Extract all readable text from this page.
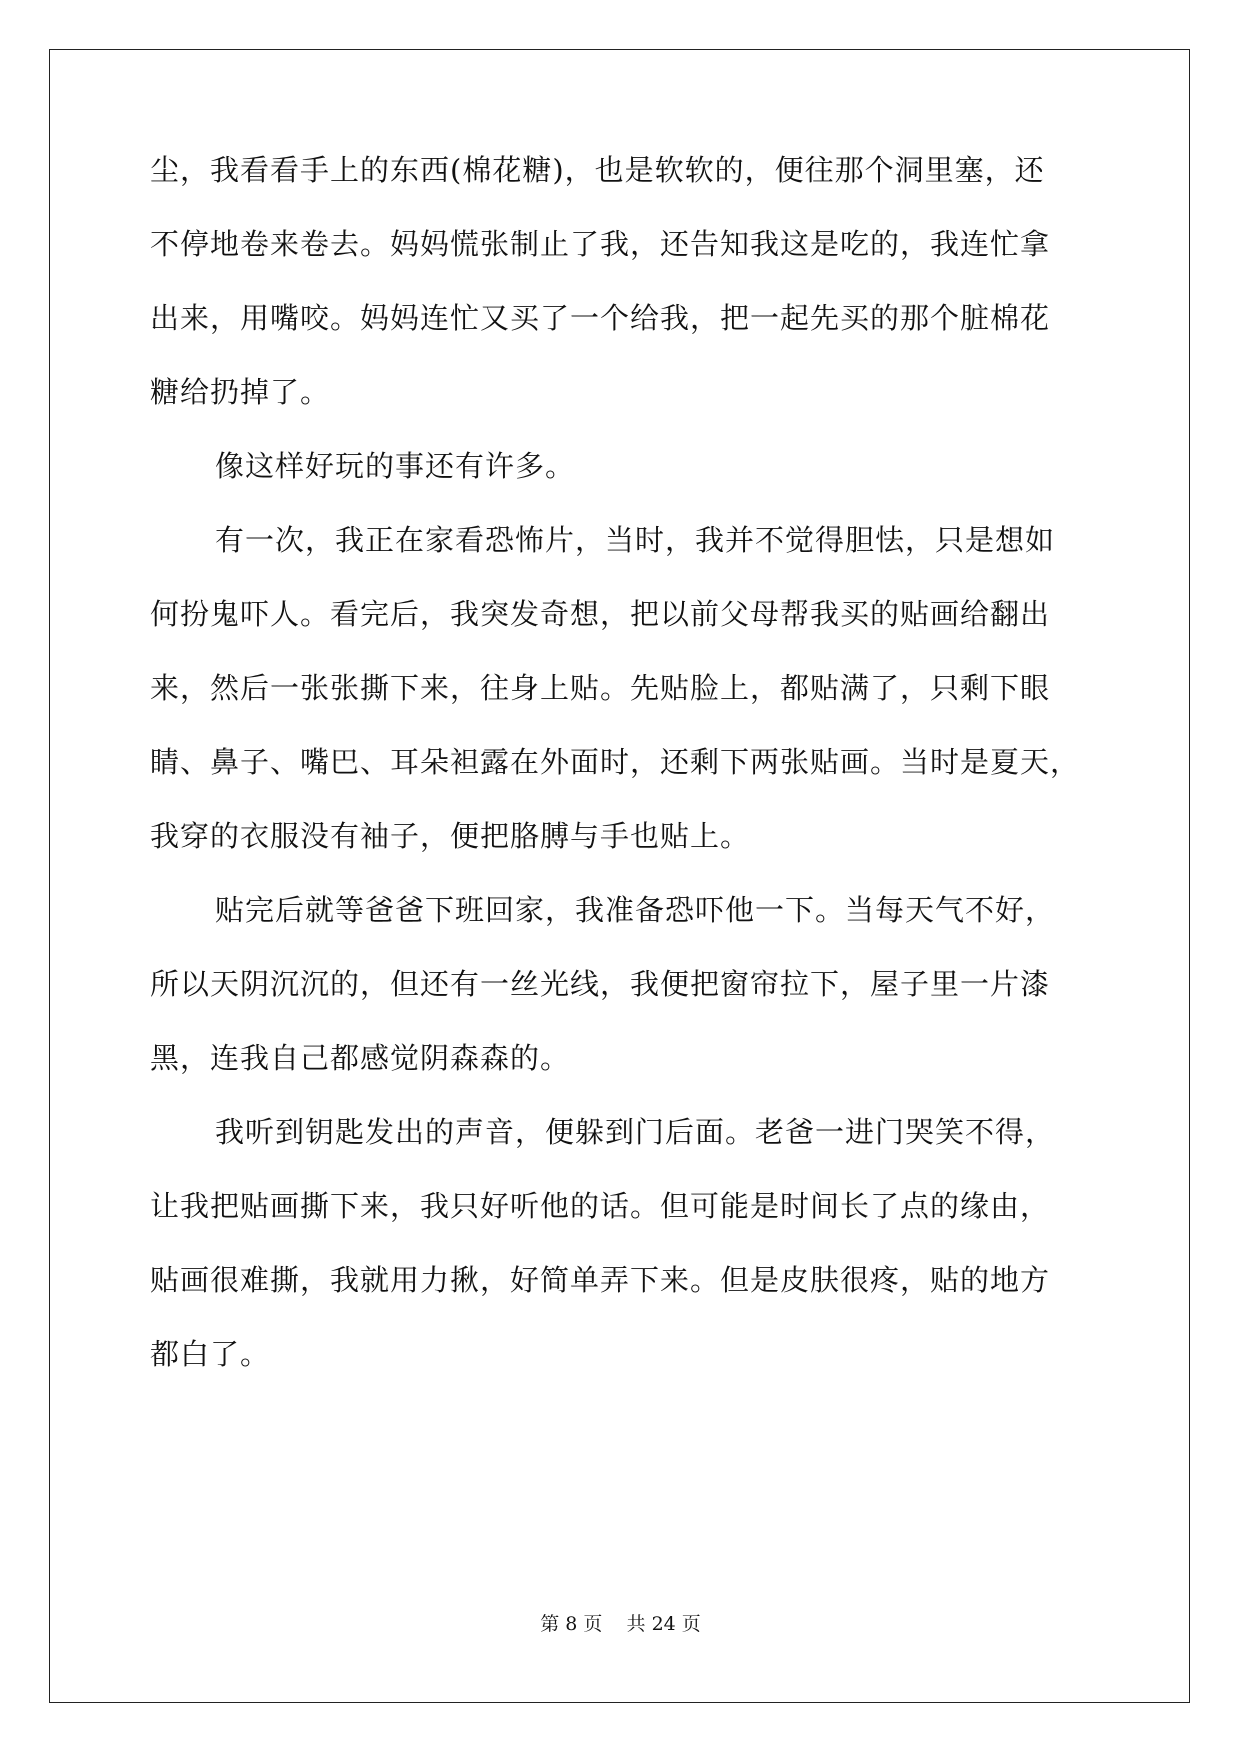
尘，我看看手上的东西(棉花糖)，也是软软的，便往那个洞里塞，还
不停地卷来卷去。妈妈慌张制止了我，还告知我这是吃的，我连忙拿
出来，用嘴咬。妈妈连忙又买了一个给我，把一起先买的那个脏棉花
糖给扔掉了。
像这样好玩的事还有许多。
有一次，我正在家看恐怖片，当时，我并不觉得胆怯，只是想如
何扮鬼吓人。看完后，我突发奇想，把以前父母帮我买的贴画给翻出
来，然后一张张撕下来，往身上贴。先贴脸上，都贴满了，只剩下眼
睛、鼻子、嘴巴、耳朵袒露在外面时，还剩下两张贴画。当时是夏天，
我穿的衣服没有袖子，便把胳膊与手也贴上。
贴完后就等爸爸下班回家，我准备恐吓他一下。当每天气不好，
所以天阴沉沉的，但还有一丝光线，我便把窗帘拉下，屋子里一片漆
黑，连我自己都感觉阴森森的。
我听到钥匙发出的声音，便躲到门后面。老爸一进门哭笑不得，
让我把贴画撕下来，我只好听他的话。但可能是时间长了点的缘由，
贴画很难撕，我就用力揪，好简单弄下来。但是皮肤很疼，贴的地方
都白了。
第 8 页    共 24 页
